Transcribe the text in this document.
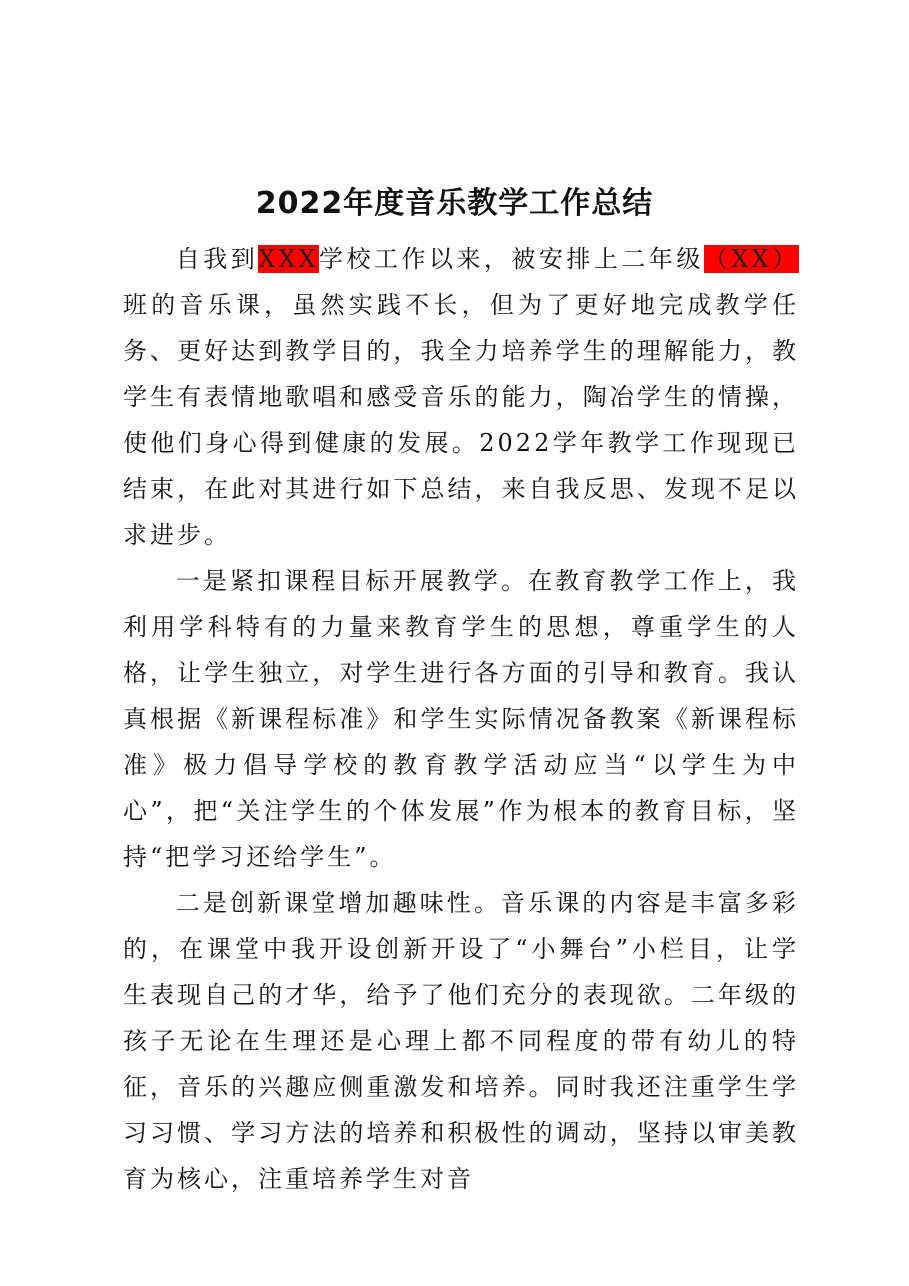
2022年度音乐教学工作总结

自我到XXX学校工作以来，被安排上二年级（XX）班的音乐课，虽然实践不长，但为了更好地完成教学任务、更好达到教学目的，我全力培养学生的理解能力，教学生有表情地歌唱和感受音乐的能力，陶冶学生的情操，使他们身心得到健康的发展。2022学年教学工作现现已结束，在此对其进行如下总结，来自我反思、发现不足以求进步。

一是紧扣课程目标开展教学。在教育教学工作上，我利用学科特有的力量来教育学生的思想，尊重学生的人格，让学生独立，对学生进行各方面的引导和教育。我认真根据《新课程标准》和学生实际情况备教案《新课程标准》极力倡导学校的教育教学活动应当“以学生为中心”，把“关注学生的个体发展”作为根本的教育目标，坚持“把学习还给学生”。

二是创新课堂增加趣味性。音乐课的内容是丰富多彩的，在课堂中我开设创新开设了“小舞台”小栏目，让学生表现自己的才华，给予了他们充分的表现欲。二年级的孩子无论在生理还是心理上都不同程度的带有幼儿的特征，音乐的兴趣应侧重激发和培养。同时我还注重学生学习习惯、学习方法的培养和积极性的调动，坚持以审美教育为核心，注重培养学生对音
